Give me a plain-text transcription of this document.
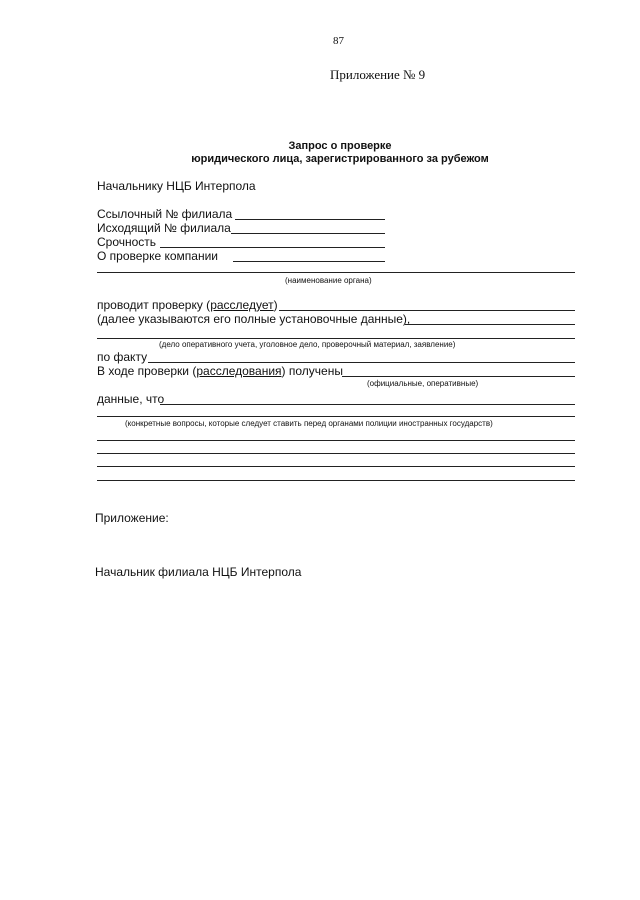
87
Приложение № 9
Запрос о проверке
юридического лица, зарегистрированного за рубежом
Начальнику НЦБ Интерпола
Ссылочный № филиала
Исходящий № филиала
Срочность
О проверке компании
(наименование органа)
проводит проверку (расследует)
(далее указываются его полные установочные данные),
(дело оперативного учета, уголовное дело, проверочный материал, заявление)
по факту
В ходе проверки (расследования) получены
(официальные, оперативные)
данные, что
(конкретные вопросы, которые следует ставить перед органами полиции иностранных государств)
Приложение:
Начальник филиала НЦБ Интерпола
